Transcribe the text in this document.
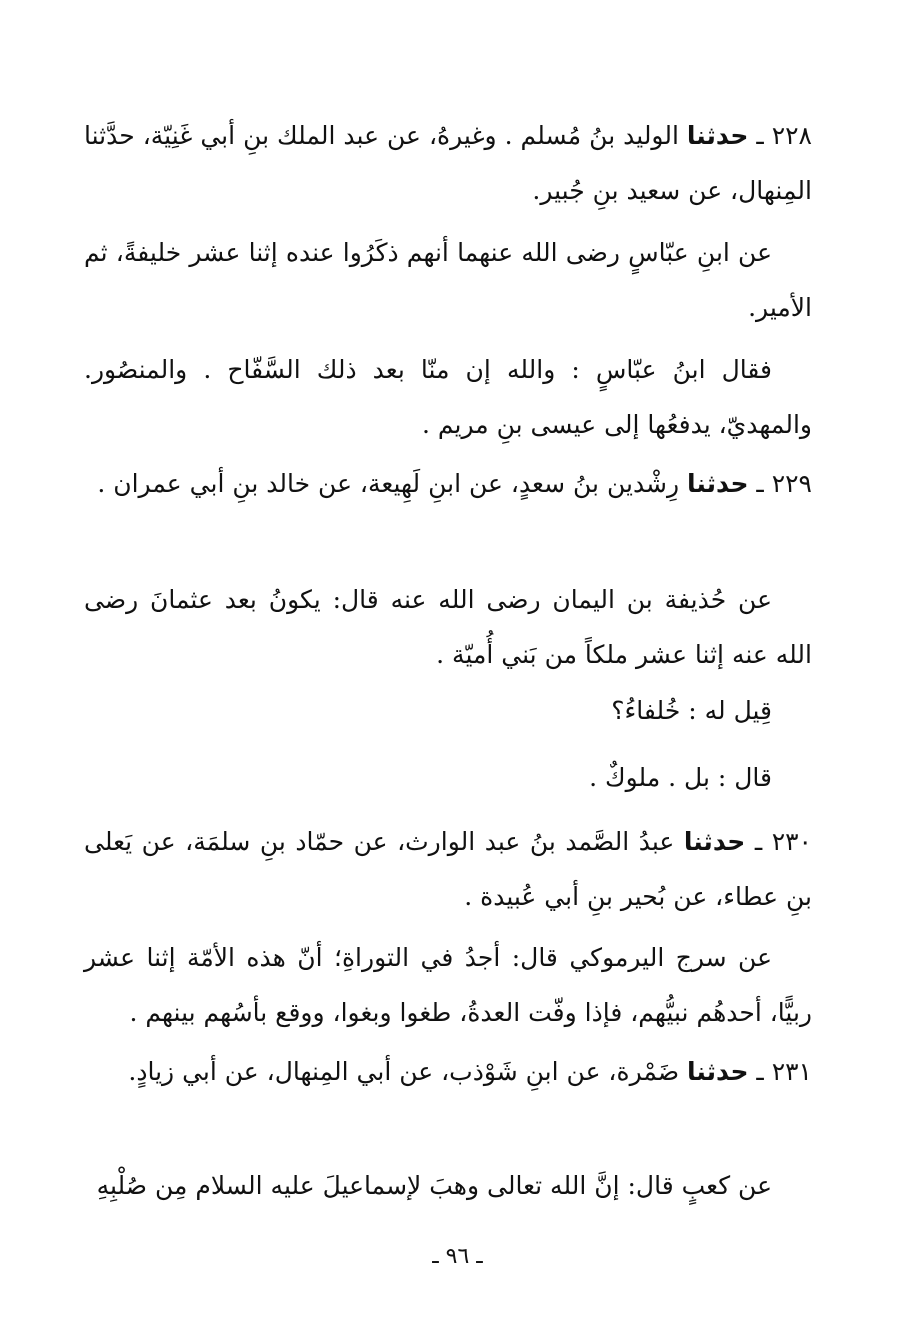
٢٢٨ ـ حدثنا الوليد بنُ مُسلم . وغيرهُ، عن عبد الملك بنِ أبي غَنِيّة، حدَّثنا المِنهال، عن سعيد بنِ جُبير.
عن ابنِ عبّاسٍ رضى الله عنهما أنهم ذكَرُوا عنده إثنا عشر خليفةً، ثم الأمير.
فقال ابنُ عبّاسٍ : والله إن منّا بعد ذلك السَّفّاح . والمنصُور. والمهديّ، يدفعُها إلى عيسى بنِ مريم .
٢٢٩ ـ حدثنا رِشْدين بنُ سعدٍ، عن ابنِ لَهِيعة، عن خالد بنِ أبي عمران .
عن حُذيفة بن اليمان رضى الله عنه قال: يكونُ بعد عثمانَ رضى الله عنه إثنا عشر ملكاً من بَني أُميّة .
قِيل له : خُلفاءُ؟
قال : بل . ملوكٌ .
٢٣٠ ـ حدثنا عبدُ الصَّمد بنُ عبد الوارث، عن حمّاد بنِ سلمَة، عن يَعلى بنِ عطاء، عن بُحير بنِ أبي عُبيدة .
عن سرج اليرموكي قال: أجدُ في التوراةِ؛ أنّ هذه الأمّة إثنا عشر ربيًّا، أحدهُم نبيُّهم، فإذا وفّت العدةُ، طغوا وبغوا، ووقع بأسُهم بينهم .
٢٣١ ـ حدثنا ضَمْرة، عن ابنِ شَوْذب، عن أبي المِنهال، عن أبي زيادٍ.
عن كعبٍ قال: إنَّ الله تعالى وهبَ لإسماعيلَ عليه السلام مِن صُلْبِهِ
ـ ٩٦ ـ
